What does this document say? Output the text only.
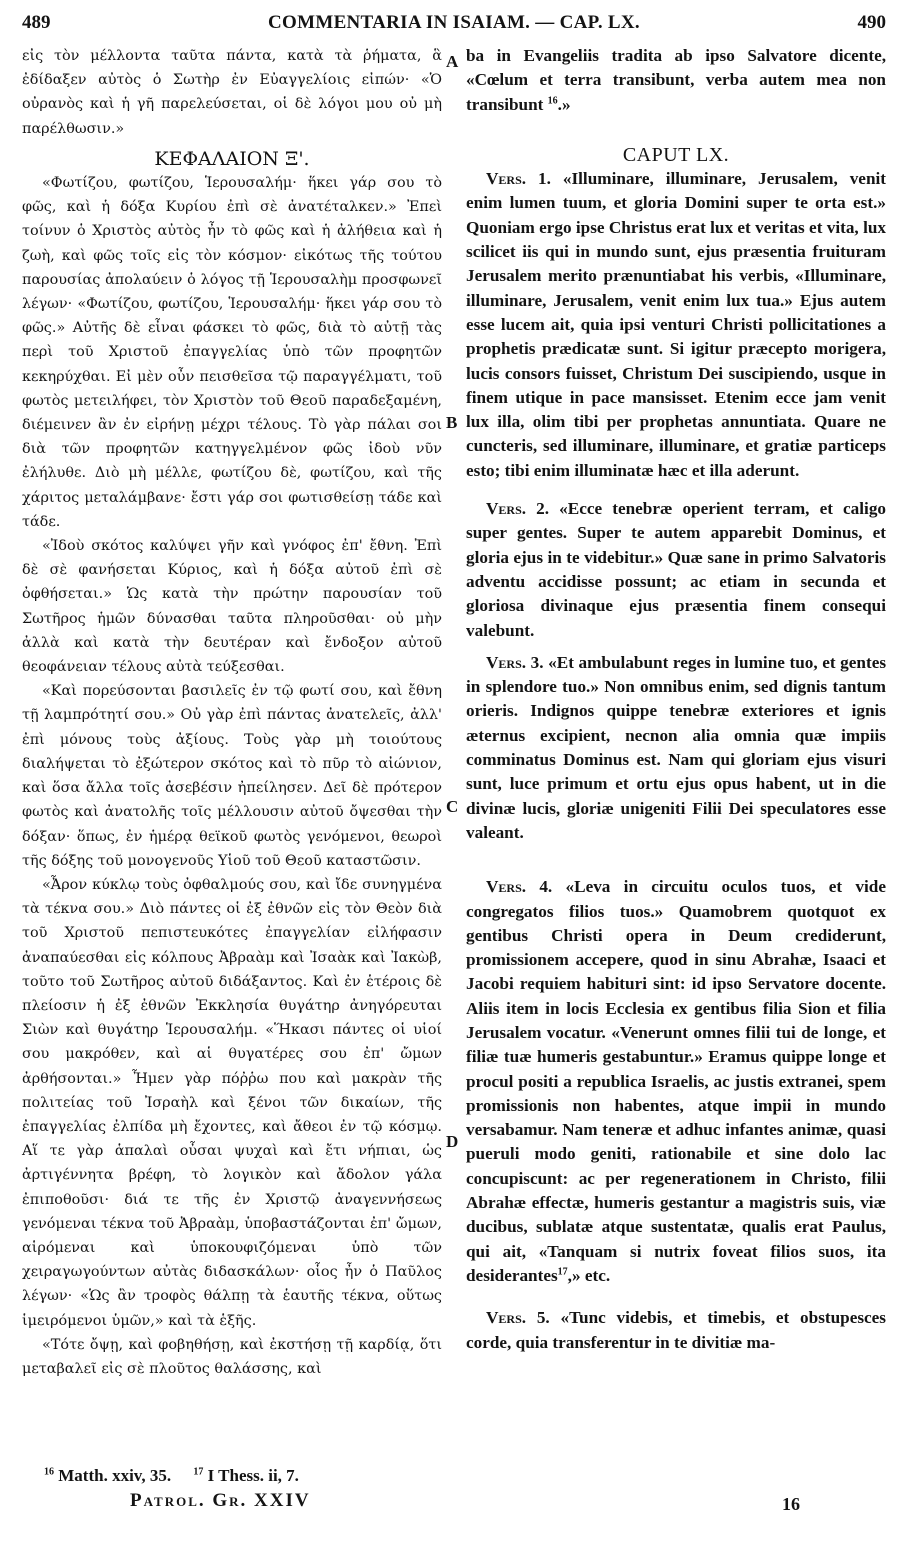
489	COMMENTARIA IN ISAIAM. — CAP. LX.	490

εἰς τὸν μέλλοντα ταῦτα πάντα, κατὰ τὰ ῥήματα, ἃ ἐδίδαξεν αὐτὸς ὁ Σωτὴρ ἐν Εὐαγγελίοις εἰπών· «Ὁ οὐρανὸς καὶ ἡ γῆ παρελεύσεται, οἱ δὲ λόγοι μου οὐ μὴ παρέλθωσιν.»

ΚΕΦΑΛΑΙΟΝ Ξ'.

«Φωτίζου, φωτίζου, Ἱερουσαλήμ· ἥκει γάρ σου τὸ φῶς, καὶ ἡ δόξα Κυρίου ἐπὶ σὲ ἀνατέταλκεν.» Ἐπεὶ τοίνυν ὁ Χριστὸς αὐτὸς ἦν τὸ φῶς καὶ ἡ ἀλήθεια καὶ ἡ ζωὴ, καὶ φῶς τοῖς εἰς τὸν κόσμον· εἰκότως τῆς τούτου παρουσίας ἀπολαύειν ὁ λόγος τῇ Ἱερουσαλὴμ προσφωνεῖ λέγων· «Φωτίζου, φωτίζου, Ἱερουσαλήμ· ἥκει γάρ σου τὸ φῶς.» Αὐτῆς δὲ εἶναι φάσκει τὸ φῶς, διὰ τὸ αὐτῇ τὰς περὶ τοῦ Χριστοῦ ἐπαγγελίας ὑπὸ τῶν προφητῶν κεκηρύχθαι. Εἰ μὲν οὖν πεισθεῖσα τῷ παραγγέλματι, τοῦ φωτὸς μετειλήφει, τὸν Χριστὸν τοῦ Θεοῦ παραδεξαμένη, διέμεινεν ἂν ἐν εἰρήνῃ μέχρι τέλους. Τὸ γὰρ πάλαι σοι διὰ τῶν προφητῶν κατηγγελμένον φῶς ἰδοὺ νῦν ἐλήλυθε. Διὸ μὴ μέλλε, φωτίζου δὲ, φωτίζου, καὶ τῆς χάριτος μεταλάμβανε· ἔστι γάρ σοι φωτισθείσῃ τάδε καὶ τάδε.

«Ἰδοὺ σκότος καλύψει γῆν καὶ γνόφος ἐπ' ἔθνη. Ἐπὶ δὲ σὲ φανήσεται Κύριος, καὶ ἡ δόξα αὐτοῦ ἐπὶ σὲ ὀφθήσεται.» Ὡς κατὰ τὴν πρώτην παρουσίαν τοῦ Σωτῆρος ἡμῶν δύνασθαι ταῦτα πληροῦσθαι· οὐ μὴν ἀλλὰ καὶ κατὰ τὴν δευτέραν καὶ ἔνδοξον αὐτοῦ θεοφάνειαν τέλους αὐτὰ τεύξεσθαι.

«Καὶ πορεύσονται βασιλεῖς ἐν τῷ φωτί σου, καὶ ἔθνη τῇ λαμπρότητί σου.» Οὐ γὰρ ἐπὶ πάντας ἀνατελεῖς, ἀλλ' ἐπὶ μόνους τοὺς ἀξίους. Τοὺς γὰρ μὴ τοιούτους διαλήψεται τὸ ἐξώτερον σκότος καὶ τὸ πῦρ τὸ αἰώνιον, καὶ ὅσα ἄλλα τοῖς ἀσεβέσιν ἠπείλησεν. Δεῖ δὲ πρότερον φωτὸς καὶ ἀνατολῆς τοῖς μέλλουσιν αὐτοῦ ὄψεσθαι τὴν δόξαν· ὅπως, ἐν ἡμέρᾳ θεϊκοῦ φωτὸς γενόμενοι, θεωροὶ τῆς δόξης τοῦ μονογενοῦς Υἱοῦ τοῦ Θεοῦ καταστῶσιν.

«Ἆρον κύκλῳ τοὺς ὀφθαλμούς σου, καὶ ἴδε συνηγμένα τὰ τέκνα σου.» Διὸ πάντες οἱ ἐξ ἐθνῶν εἰς τὸν Θεὸν διὰ τοῦ Χριστοῦ πεπιστευκότες ἐπαγγελίαν εἰλήφασιν ἀναπαύεσθαι εἰς κόλπους Ἀβραὰμ καὶ Ἰσαὰκ καὶ Ἰακὼβ, τοῦτο τοῦ Σωτῆρος αὐτοῦ διδάξαντος. Καὶ ἐν ἑτέροις δὲ πλείοσιν ἡ ἐξ ἐθνῶν Ἐκκλησία θυγάτηρ ἀνηγόρευται Σιὼν καὶ θυγάτηρ Ἱερουσαλήμ. «Ἥκασι πάντες οἱ υἱοί σου μακρόθεν, καὶ αἱ θυγατέρες σου ἐπ' ὤμων ἀρθήσονται.» Ἦμεν γὰρ πόῤῥω που καὶ μακρὰν τῆς πολιτείας τοῦ Ἰσραὴλ καὶ ξένοι τῶν δικαίων, τῆς ἐπαγγελίας ἐλπίδα μὴ ἔχοντες, καὶ ἄθεοι ἐν τῷ κόσμῳ. Αἵ τε γὰρ ἁπαλαὶ οὖσαι ψυχαὶ καὶ ἔτι νήπιαι, ὡς ἀρτιγέννητα βρέφη, τὸ λογικὸν καὶ ἄδολον γάλα ἐπιποθοῦσι· διά τε τῆς ἐν Χριστῷ ἀναγεννήσεως γενόμεναι τέκνα τοῦ Ἀβραὰμ, ὑποβαστάζονται ἐπ' ὤμων, αἱρόμεναι καὶ ὑποκουφιζόμεναι ὑπὸ τῶν χειραγωγούντων αὐτὰς διδασκάλων· οἷος ἦν ὁ Παῦλος λέγων· «Ὡς ἂν τροφὸς θάλπῃ τὰ ἑαυτῆς τέκνα, οὕτως ἱμειρόμενοι ὑμῶν,» καὶ τὰ ἑξῆς.

«Τότε ὄψῃ, καὶ φοβηθήσῃ, καὶ ἐκστήσῃ τῇ καρδίᾳ, ὅτι μεταβαλεῖ εἰς σὲ πλοῦτος θαλάσσης, καὶ

A
B
C
D

ba in Evangeliis tradita ab ipso Salvatore dicente, «Cœlum et terra transibunt, verba autem mea non transibunt $^{16}$.»

CAPUT LX.

Vers. 1. «Illuminare, illuminare, Jerusalem, venit enim lumen tuum, et gloria Domini super te orta est.» Quoniam ergo ipse Christus erat lux et veritas et vita, lux scilicet iis qui in mundo sunt, ejus præsentia fruituram Jerusalem merito prænuntiabat his verbis, «Illuminare, illuminare, Jerusalem, venit enim lux tua.» Ejus autem esse lucem ait, quia ipsi venturi Christi pollicitationes a prophetis prædicatæ sunt. Si igitur præcepto morigera, lucis consors fuisset, Christum Dei suscipiendo, usque in finem utique in pace mansisset. Etenim ecce jam venit lux illa, olim tibi per prophetas annuntiata. Quare ne cuncteris, sed illuminare, illuminare, et gratiæ particeps esto; tibi enim illuminatæ hæc et illa aderunt.

Vers. 2. «Ecce tenebræ operient terram, et caligo super gentes. Super te autem apparebit Dominus, et gloria ejus in te videbitur.» Quæ sane in primo Salvatoris adventu accidisse possunt; ac etiam in secunda et gloriosa divinaque ejus præsentia finem consequi valebunt.

Vers. 3. «Et ambulabunt reges in lumine tuo, et gentes in splendore tuo.» Non omnibus enim, sed dignis tantum orieris. Indignos quippe tenebræ exteriores et ignis æternus excipient, necnon alia omnia quæ impiis comminatus Dominus est. Nam qui gloriam ejus visuri sunt, luce primum et ortu ejus opus habent, ut in die divinæ lucis, gloriæ unigeniti Filii Dei speculatores esse valeant.

Vers. 4. «Leva in circuitu oculos tuos, et vide congregatos filios tuos.» Quamobrem quotquot ex gentibus Christi opera in Deum crediderunt, promissionem accepere, quod in sinu Abrahæ, Isaaci et Jacobi requiem habituri sint: id ipso Servatore docente. Aliis item in locis Ecclesia ex gentibus filia Sion et filia Jerusalem vocatur. «Venerunt omnes filii tui de longe, et filiæ tuæ humeris gestabuntur.» Eramus quippe longe et procul positi a republica Israelis, ac justis extranei, spem promissionis non habentes, atque impii in mundo versabamur. Nam teneræ et adhuc infantes animæ, quasi pueruli modo geniti, rationabile et sine dolo lac concupiscunt: ac per regenerationem in Christo, filii Abrahæ effectæ, humeris gestantur a magistris suis, viæ ducibus, sublatæ atque sustentatæ, qualis erat Paulus, qui ait, «Tanquam si nutrix foveat filios suos, ita desiderantes$^{17}$,» etc.

Vers. 5. «Tunc videbis, et timebis, et obstupesces corde, quia transferentur in te divitiæ ma-

$^{16}$ Matth. xxiv, 35. $^{17}$ I Thess. ii, 7.
Patrol. Gr. XXIV	16
